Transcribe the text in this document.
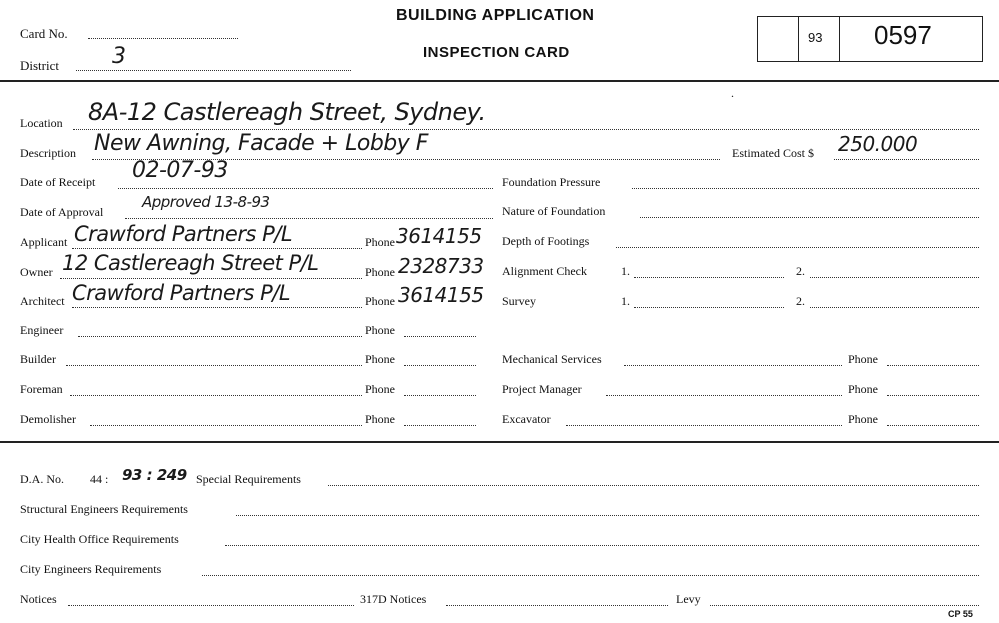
Card No.
District 3
BUILDING APPLICATION
INSPECTION CARD
93 0597
.
Location 8A-12 Castlereagh Street, Sydney.
Description New Awning, Facade + Lobby F	Estimated Cost $ 250.000
Date of Receipt 02-07-93
Date of Approval
Approved 13-8-93
Applicant Crawford Partners P/L	Phone 3614155
Owner 12 Castlereagh Street P/L	Phone 2328733
Architect Crawford Partners P/L	Phone 3614155
Engineer	Phone
Builder	Phone
Foreman	Phone
Demolisher	Phone
Foundation Pressure
Nature of Foundation
Depth of Footings
Alignment Check	1.	2.
Survey	1.	2.
Mechanical Services	Phone
Project Manager	Phone
Excavator	Phone
D.A. No. 44 : 93 : 249 Special Requirements
Structural Engineers Requirements
City Health Office Requirements
City Engineers Requirements
Notices	317D Notices	Levy
CP 55
